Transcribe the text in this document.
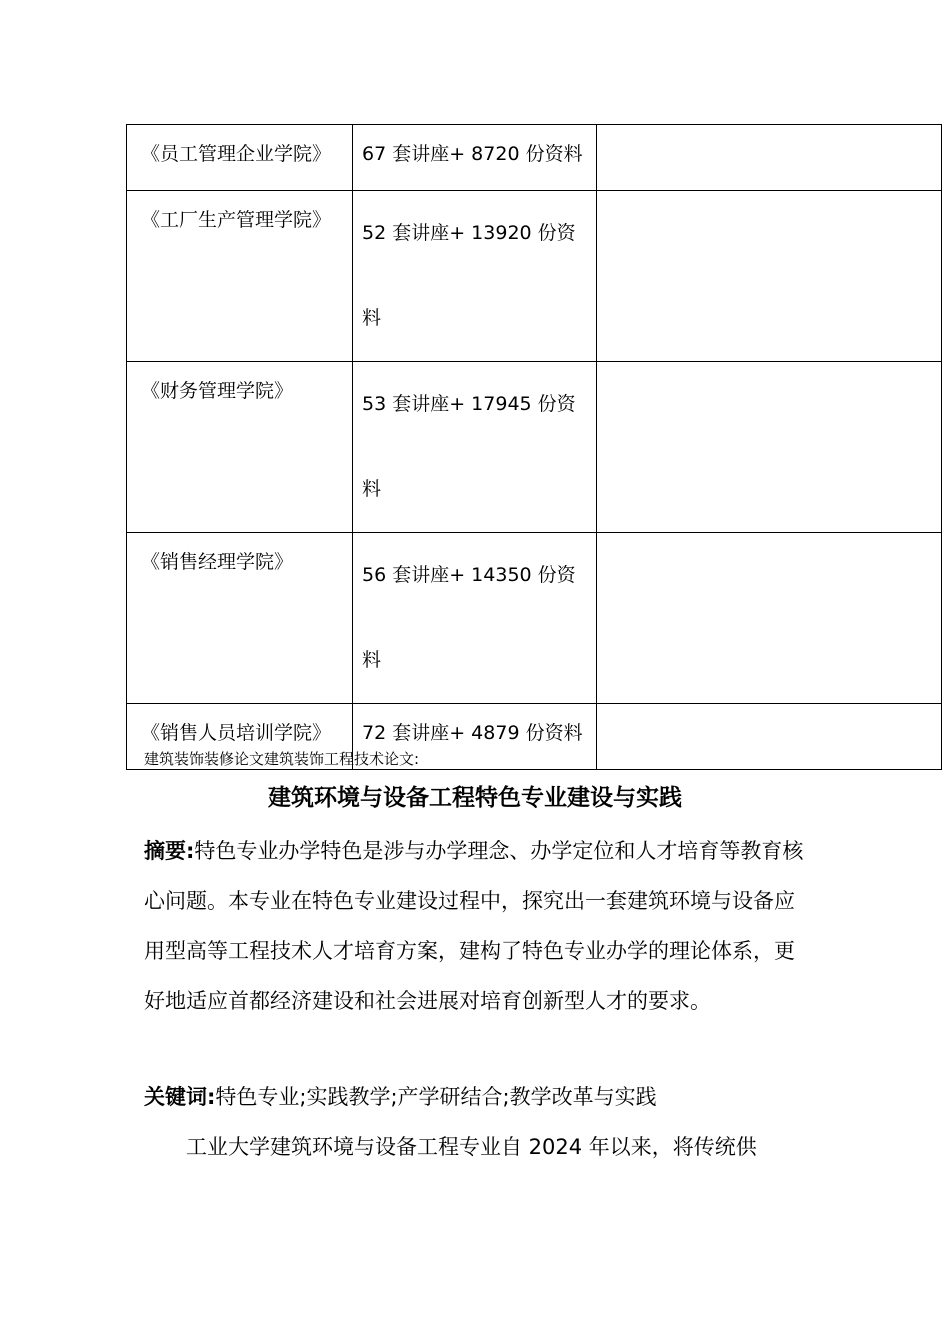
《员工管理企业学院》	67 套讲座+ 8720 份资料	
《工厂生产管理学院》	52 套讲座+ 13920 份资料	
《财务管理学院》	53 套讲座+ 17945 份资料	
《销售经理学院》	56 套讲座+ 14350 份资料	
《销售人员培训学院》	72 套讲座+ 4879 份资料	
建筑装饰装修论文建筑装饰工程技术论文:
建筑环境与设备工程特色专业建设与实践

摘要:特色专业办学特色是涉与办学理念、办学定位和人才培育等教育核心问题。本专业在特色专业建设过程中，探究出一套建筑环境与设备应用型高等工程技术人才培育方案，建构了特色专业办学的理论体系，更好地适应首都经济建设和社会进展对培育创新型人才的要求。

关键词:特色专业;实践教学;产学研结合;教学改革与实践

工业大学建筑环境与设备工程专业自 2024 年以来，将传统供
